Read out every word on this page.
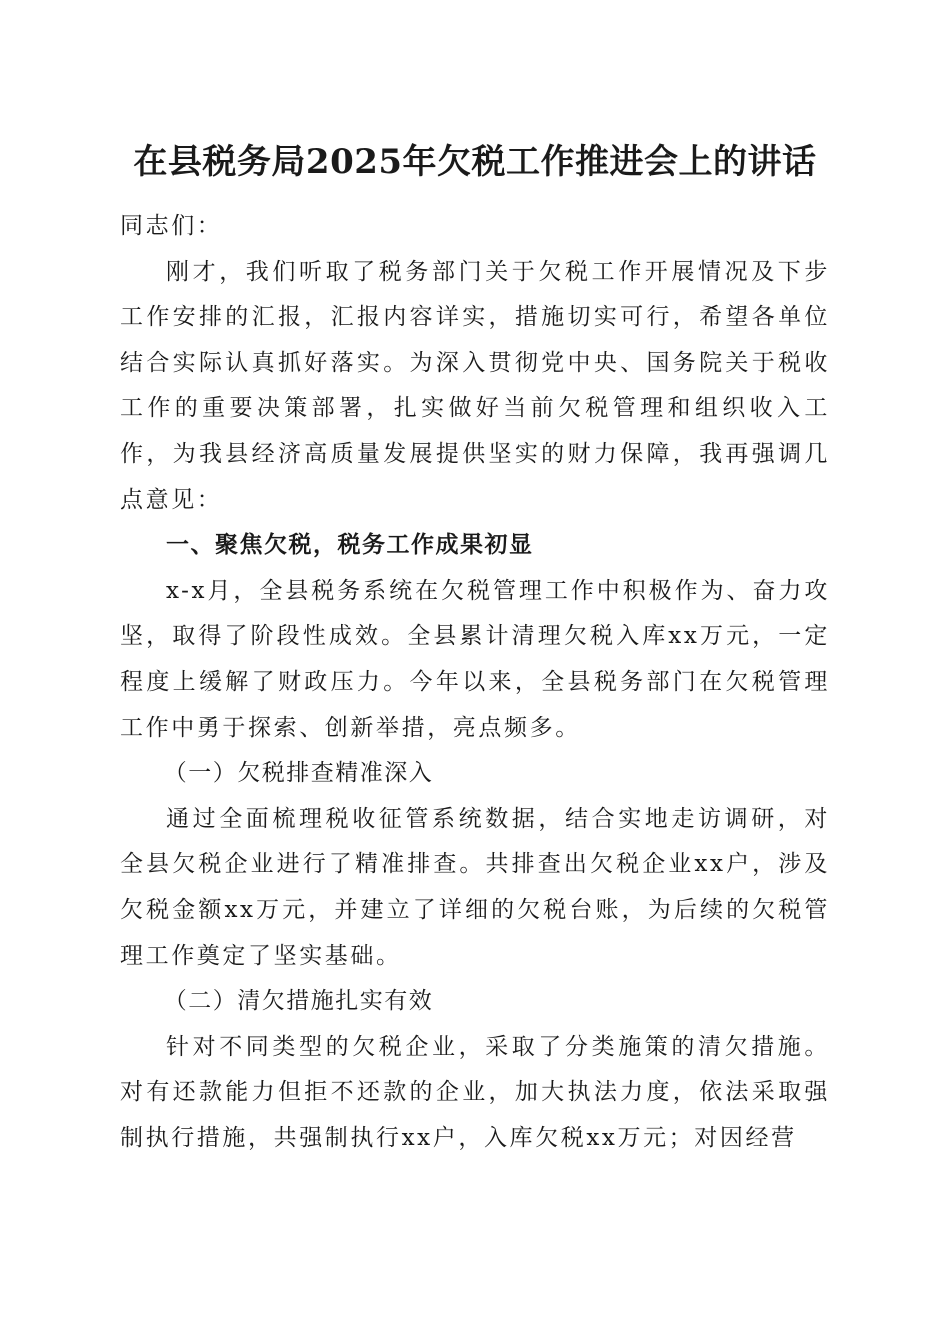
在县税务局2025年欠税工作推进会上的讲话

同志们：

刚才，我们听取了税务部门关于欠税工作开展情况及下步工作安排的汇报，汇报内容详实，措施切实可行，希望各单位结合实际认真抓好落实。为深入贯彻党中央、国务院关于税收工作的重要决策部署，扎实做好当前欠税管理和组织收入工作，为我县经济高质量发展提供坚实的财力保障，我再强调几点意见：

一、聚焦欠税，税务工作成果初显

x-x月，全县税务系统在欠税管理工作中积极作为、奋力攻坚，取得了阶段性成效。全县累计清理欠税入库xx万元，一定程度上缓解了财政压力。今年以来，全县税务部门在欠税管理工作中勇于探索、创新举措，亮点频多。

（一）欠税排查精准深入

通过全面梳理税收征管系统数据，结合实地走访调研，对全县欠税企业进行了精准排查。共排查出欠税企业xx户，涉及欠税金额xx万元，并建立了详细的欠税台账，为后续的欠税管理工作奠定了坚实基础。

（二）清欠措施扎实有效

针对不同类型的欠税企业，采取了分类施策的清欠措施。对有还款能力但拒不还款的企业，加大执法力度，依法采取强制执行措施，共强制执行xx户，入库欠税xx万元；对因经营
